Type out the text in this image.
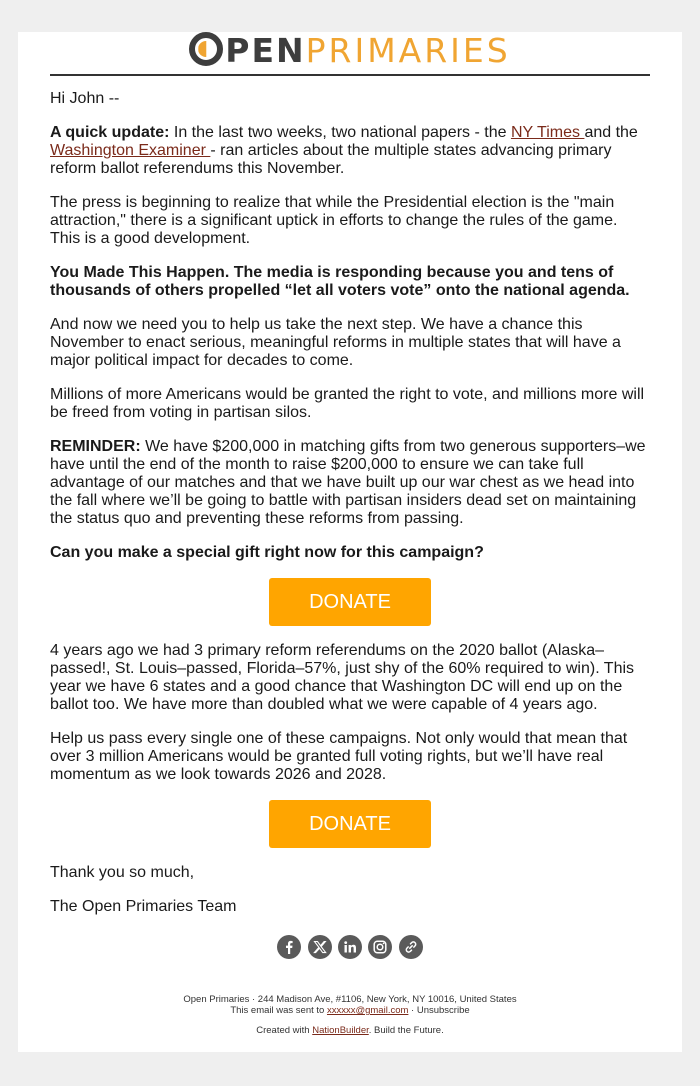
PENPRIMARIES

Hi John --

A quick update: In the last two weeks, two national papers - the NY Times and the Washington Examiner - ran articles about the multiple states advancing primary reform ballot referendums this November.

The press is beginning to realize that while the Presidential election is the "main attraction," there is a significant uptick in efforts to change the rules of the game. This is a good development.

You Made This Happen. The media is responding because you and tens of thousands of others propelled “let all voters vote” onto the national agenda.

And now we need you to help us take the next step. We have a chance this November to enact serious, meaningful reforms in multiple states that will have a major political impact for decades to come.

Millions of more Americans would be granted the right to vote, and millions more will be freed from voting in partisan silos.

REMINDER: We have $200,000 in matching gifts from two generous supporters–we have until the end of the month to raise $200,000 to ensure we can take full advantage of our matches and that we have built up our war chest as we head into the fall where we’ll be going to battle with partisan insiders dead set on maintaining the status quo and preventing these reforms from passing.

Can you make a special gift right now for this campaign?

DONATE

4 years ago we had 3 primary reform referendums on the 2020 ballot (Alaska–passed!, St. Louis–passed, Florida–57%, just shy of the 60% required to win). This year we have 6 states and a good chance that Washington DC will end up on the ballot too. We have more than doubled what we were capable of 4 years ago.

Help us pass every single one of these campaigns. Not only would that mean that over 3 million Americans would be granted full voting rights, but we’ll have real momentum as we look towards 2026 and 2028.

DONATE

Thank you so much,

The Open Primaries Team

Open Primaries · 244 Madison Ave, #1106, New York, NY 10016, United States
This email was sent to xxxxxx@gmail.com · Unsubscribe
Created with NationBuilder. Build the Future.
